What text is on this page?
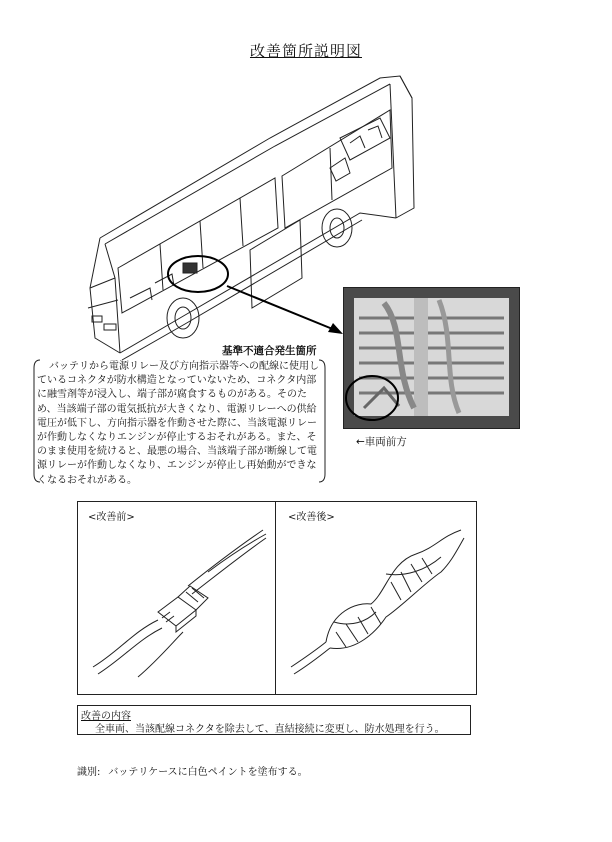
改善箇所説明図
基準不適合発生箇所
←車両前方

バッテリから電源リレー及び方向指示器等への配線に使用しているコネクタが防水構造となっていないため、コネクタ内部に融雪剤等が浸入し、端子部が腐食するものがある。そのため、当該端子部の電気抵抗が大きくなり、電源リレーへの供給電圧が低下し、方向指示器を作動させた際に、当該電源リレーが作動しなくなりエンジンが停止するおそれがある。また、そのまま使用を続けると、最悪の場合、当該端子部が断線して電源リレーが作動しなくなり、エンジンが停止し再始動ができなくなるおそれがある。

<改善前>	<改善後>
改善の内容
全車両、当該配線コネクタを除去して、直結接続に変更し、防水処理を行う。
識別: バッテリケースに白色ペイントを塗布する。
